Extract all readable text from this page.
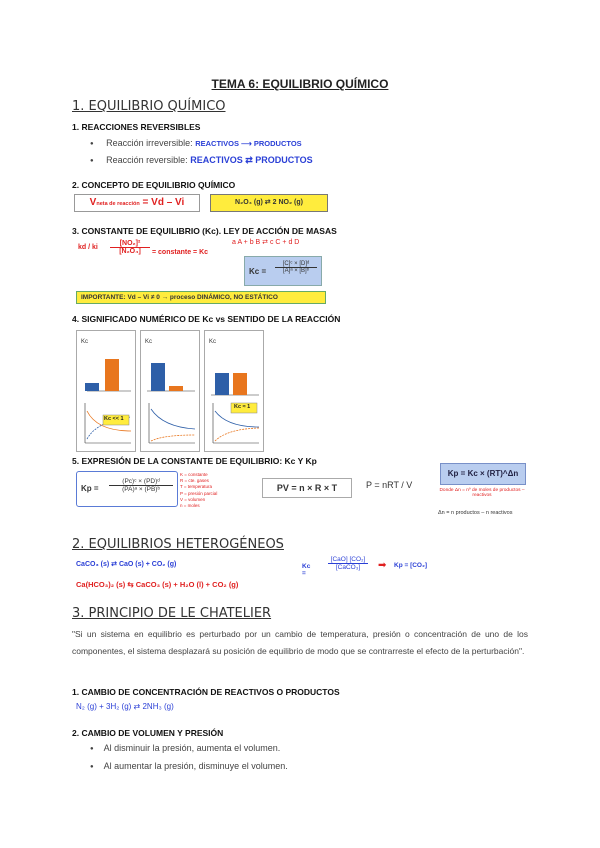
TEMA 6: EQUILIBRIO QUÍMICO
1. EQUILIBRIO QUÍMICO
1. REACCIONES REVERSIBLES
● Reacción irreversible: REACTIVOS ⟶ PRODUCTOS
● Reacción reversible: REACTIVOS ⇄ PRODUCTOS
2. CONCEPTO DE EQUILIBRIO QUÍMICO
Vneta de reacción = Vd – Vi	N₂O₄ (g) ⇄ 2 NO₂ (g)
3. CONSTANTE DE EQUILIBRIO (Kc). LEY DE ACCIÓN DE MASAS
kd / ki
[NO₂]²
[N₂O₄]	= constante = Kc
a A + b B ⇄ c C + d D
Kc =
[C]ᶜ × [D]ᵈ
[A]ᵃ × [B]ᵇ
IMPORTANTE: Vd – Vi ≠ 0 → proceso DINÁMICO, NO ESTÁTICO
4. SIGNIFICADO NUMÉRICO DE Kc vs SENTIDO DE LA REACCIÓN
Kc
Kc << 1
Kc	Kc
Kc ≈ 1
5. EXPRESIÓN DE LA CONSTANTE DE EQUILIBRIO: Kc Y Kp
Kp =
(Pc)ᶜ × (PD)ᵈ
(PA)ᵃ × (PB)ᵇ
K = constante
R = cte. gases
T = temperatura
P = presión parcial
V = volumen
n = moles
PV = n × R × T	P = nRT / V
Kp = Kc × (RT)^Δn
Donde Δn = nº de moles de productos – reactivos
Δn = n productos – n reactivos
2. EQUILIBRIOS HETEROGÉNEOS
CaCO₃ (s) ⇄ CaO (s) + CO₂ (g)	Kc =
[CaO] [CO₂]
[CaCO₃]	➡ Kp = [CO₂]
Ca(HCO₃)₂ (s) ⇆ CaCO₃ (s) + H₂O (l) + CO₂ (g)
3. PRINCIPIO DE LE CHATELIER
"Si un sistema en equilibrio es perturbado por un cambio de temperatura, presión o concentración de uno de los componentes, el sistema desplazará su posición de equilibrio de modo que se contrarreste el efecto de la perturbación".
1. CAMBIO DE CONCENTRACIÓN DE REACTIVOS O PRODUCTOS
N₂ (g) + 3H₂ (g) ⇄ 2NH₃ (g)
2. CAMBIO DE VOLUMEN Y PRESIÓN
● Al disminuir la presión, aumenta el volumen.
● Al aumentar la presión, disminuye el volumen.
